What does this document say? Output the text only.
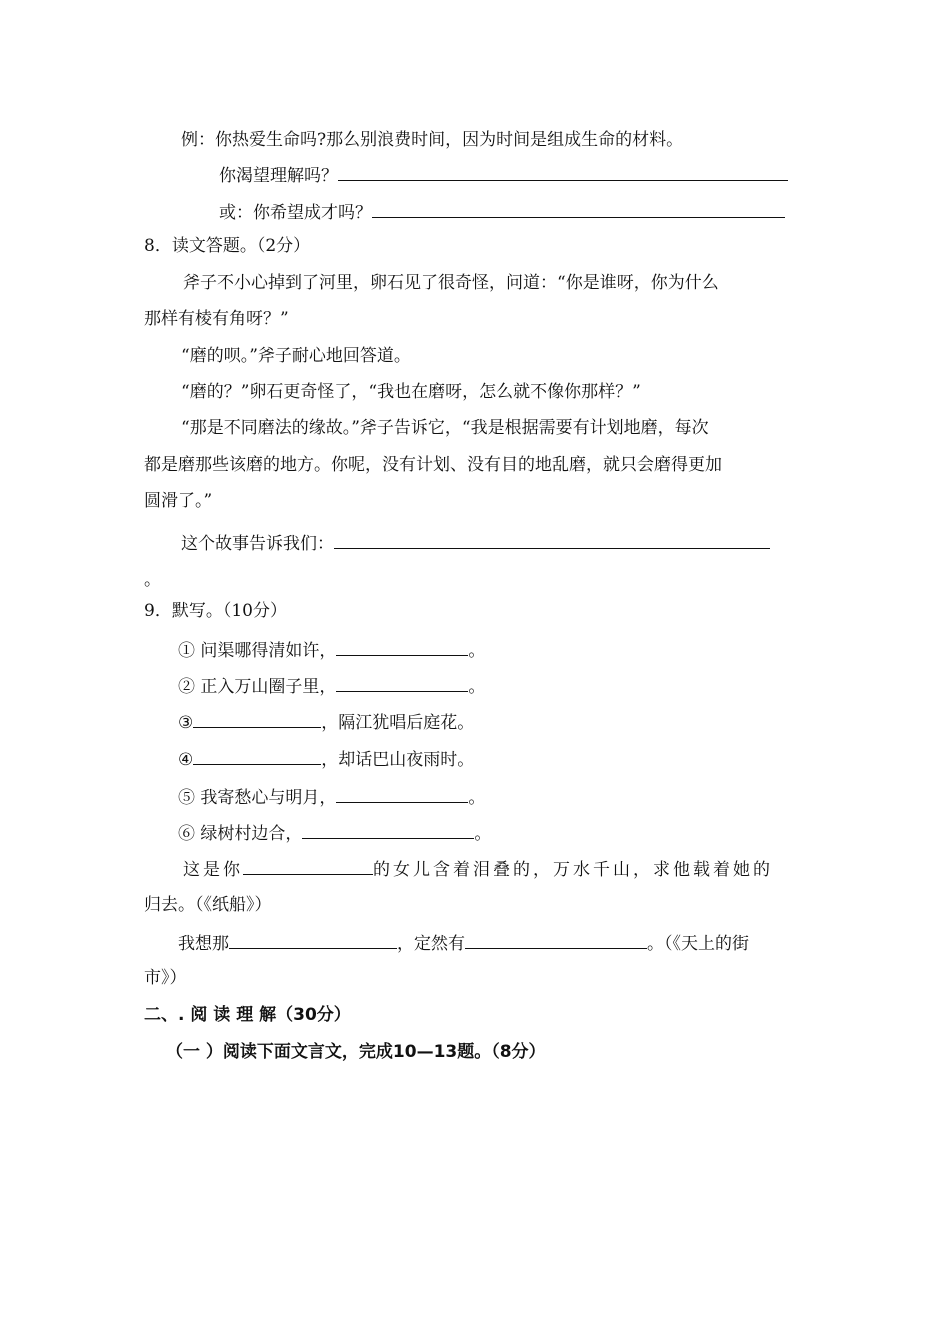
例：你热爱生命吗?那么别浪费时间，因为时间是组成生命的材料。
你渴望理解吗？
或：你希望成才吗？
8．读文答题。（2分）
斧子不小心掉到了河里，卵石见了很奇怪，问道：“你是谁呀，你为什么
那样有棱有角呀？”
“磨的呗。”斧子耐心地回答道。
“磨的？”卵石更奇怪了，“我也在磨呀，怎么就不像你那样？”
“那是不同磨法的缘故。”斧子告诉它，“我是根据需要有计划地磨，每次
都是磨那些该磨的地方。你呢，没有计划、没有目的地乱磨，就只会磨得更加
圆滑了。”
这个故事告诉我们：
。
9．默写。（10分）
① 问渠哪得清如许，	。
② 正入万山圈子里，	。
③	，隔江犹唱后庭花。
④	，却话巴山夜雨时。
⑤ 我寄愁心与明月，	。
⑥ 绿树村边合，	。
这是你	的女儿含着泪叠的，万水千山，求他载着她的
归去。（《纸船》）
我想那	，定然有	。（《天上的街
市》）
二、. 阅 读 理 解（30分）
（一 ）阅读下面文言文，完成10—13题。（8分）
